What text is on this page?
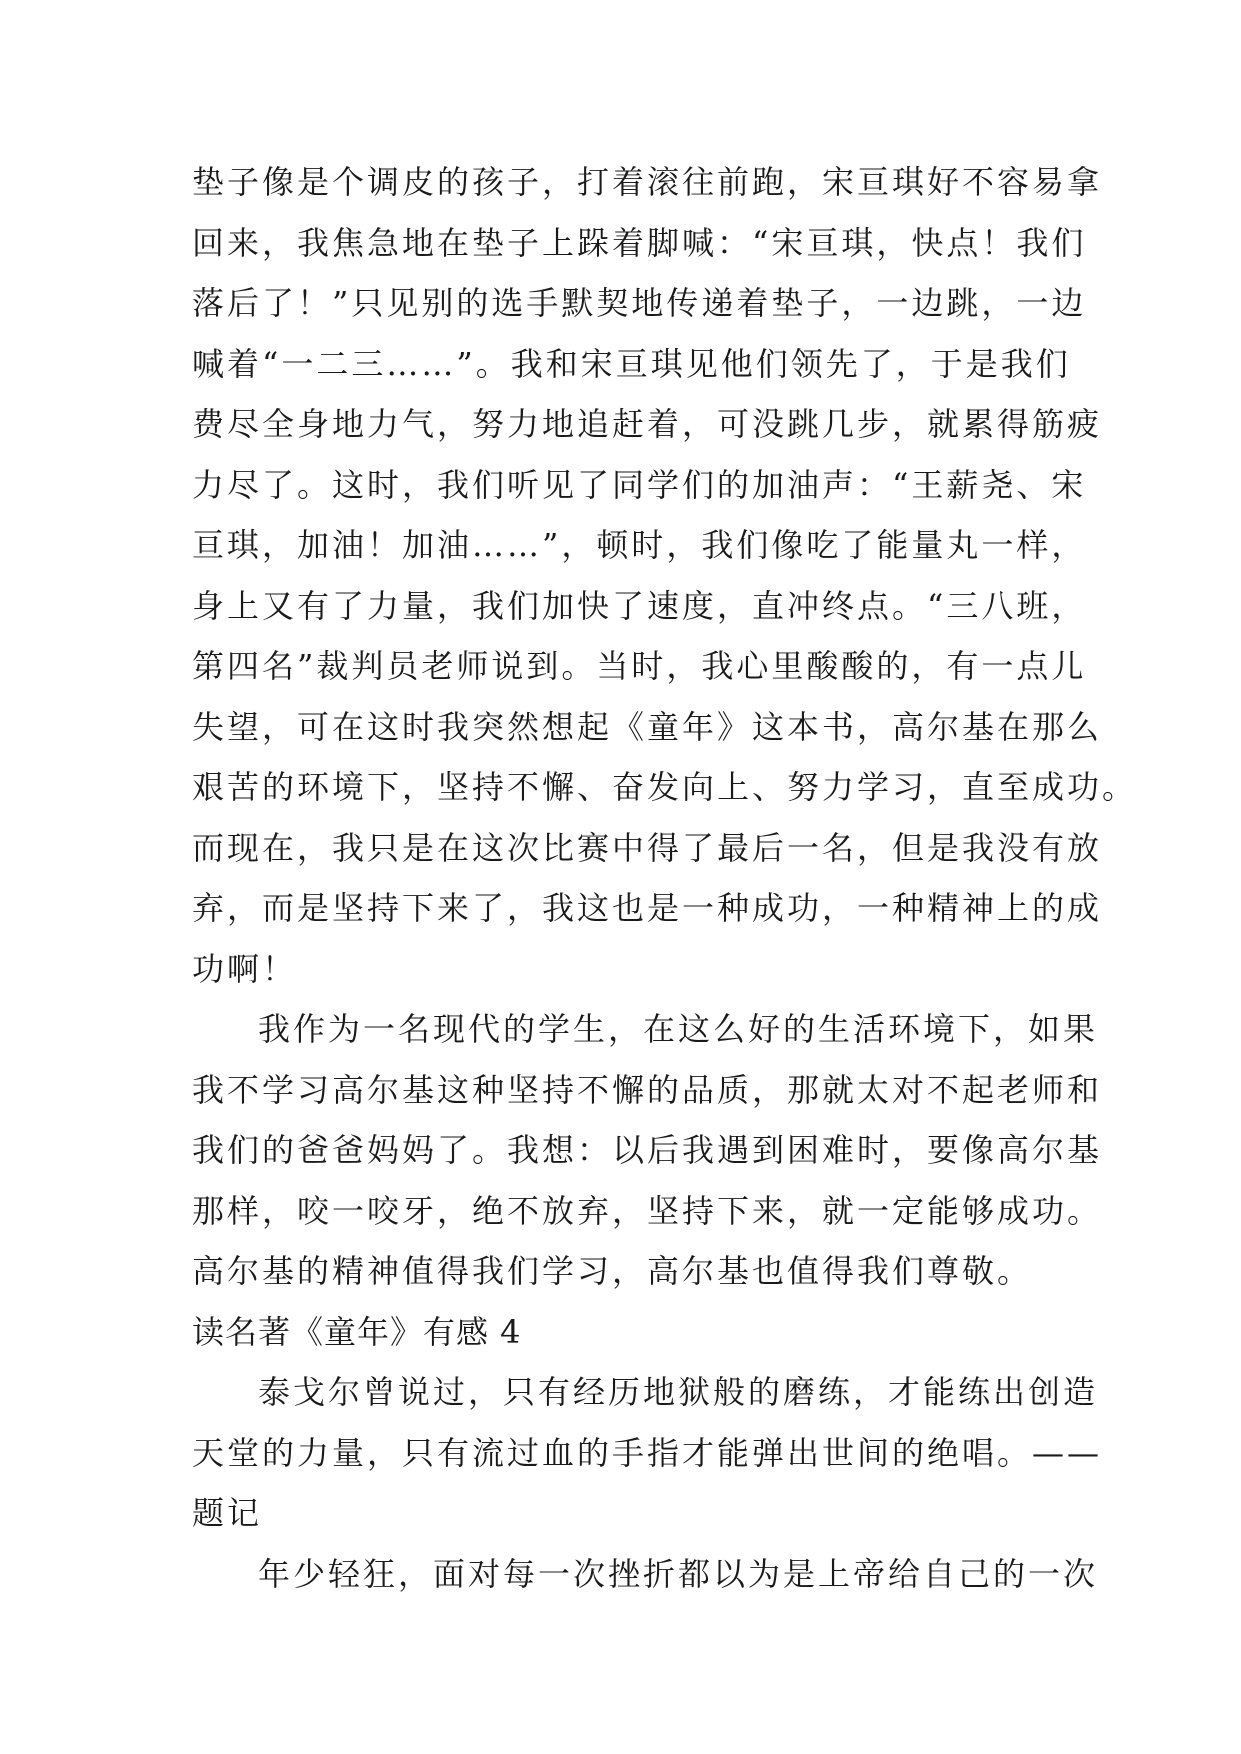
垫子像是个调皮的孩子，打着滚往前跑，宋亘琪好不容易拿
回来，我焦急地在垫子上跺着脚喊：“宋亘琪，快点！我们
落后了！”只见别的选手默契地传递着垫子，一边跳，一边
喊着“一二三……”。我和宋亘琪见他们领先了，于是我们
费尽全身地力气，努力地追赶着，可没跳几步，就累得筋疲
力尽了。这时，我们听见了同学们的加油声：“王薪尧、宋
亘琪，加油！加油……”，顿时，我们像吃了能量丸一样，
身上又有了力量，我们加快了速度，直冲终点。“三八班，
第四名”裁判员老师说到。当时，我心里酸酸的，有一点儿
失望，可在这时我突然想起《童年》这本书，高尔基在那么
艰苦的环境下，坚持不懈、奋发向上、努力学习，直至成功。
而现在，我只是在这次比赛中得了最后一名，但是我没有放
弃，而是坚持下来了，我这也是一种成功，一种精神上的成
功啊！
我作为一名现代的学生，在这么好的生活环境下，如果
我不学习高尔基这种坚持不懈的品质，那就太对不起老师和
我们的爸爸妈妈了。我想：以后我遇到困难时，要像高尔基
那样，咬一咬牙，绝不放弃，坚持下来，就一定能够成功。
高尔基的精神值得我们学习，高尔基也值得我们尊敬。
读名著《童年》有感 4
泰戈尔曾说过，只有经历地狱般的磨练，才能练出创造
天堂的力量，只有流过血的手指才能弹出世间的绝唱。——
题记
年少轻狂，面对每一次挫折都以为是上帝给自己的一次
